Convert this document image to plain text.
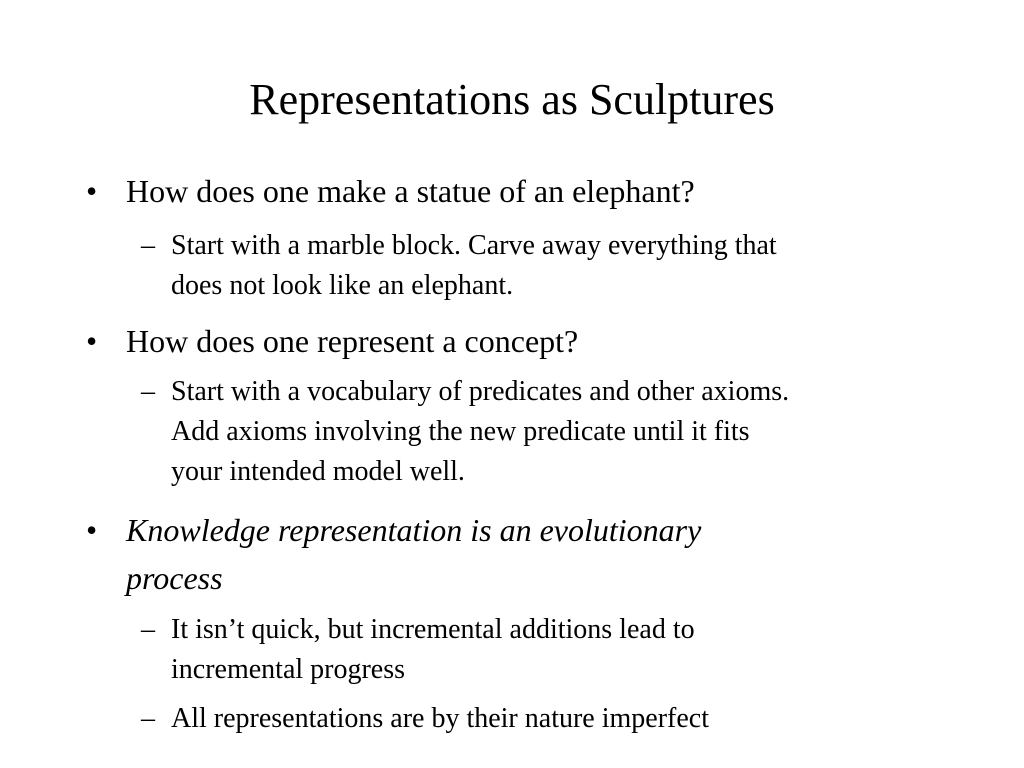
Representations as Sculptures
• How does one make a statue of an elephant?
– Start with a marble block. Carve away everything that
does not look like an elephant.
• How does one represent a concept?
– Start with a vocabulary of predicates and other axioms.
Add axioms involving the new predicate until it fits
your intended model well.
• Knowledge representation is an evolutionary
process
– It isn’t quick, but incremental additions lead to
incremental progress
– All representations are by their nature imperfect
